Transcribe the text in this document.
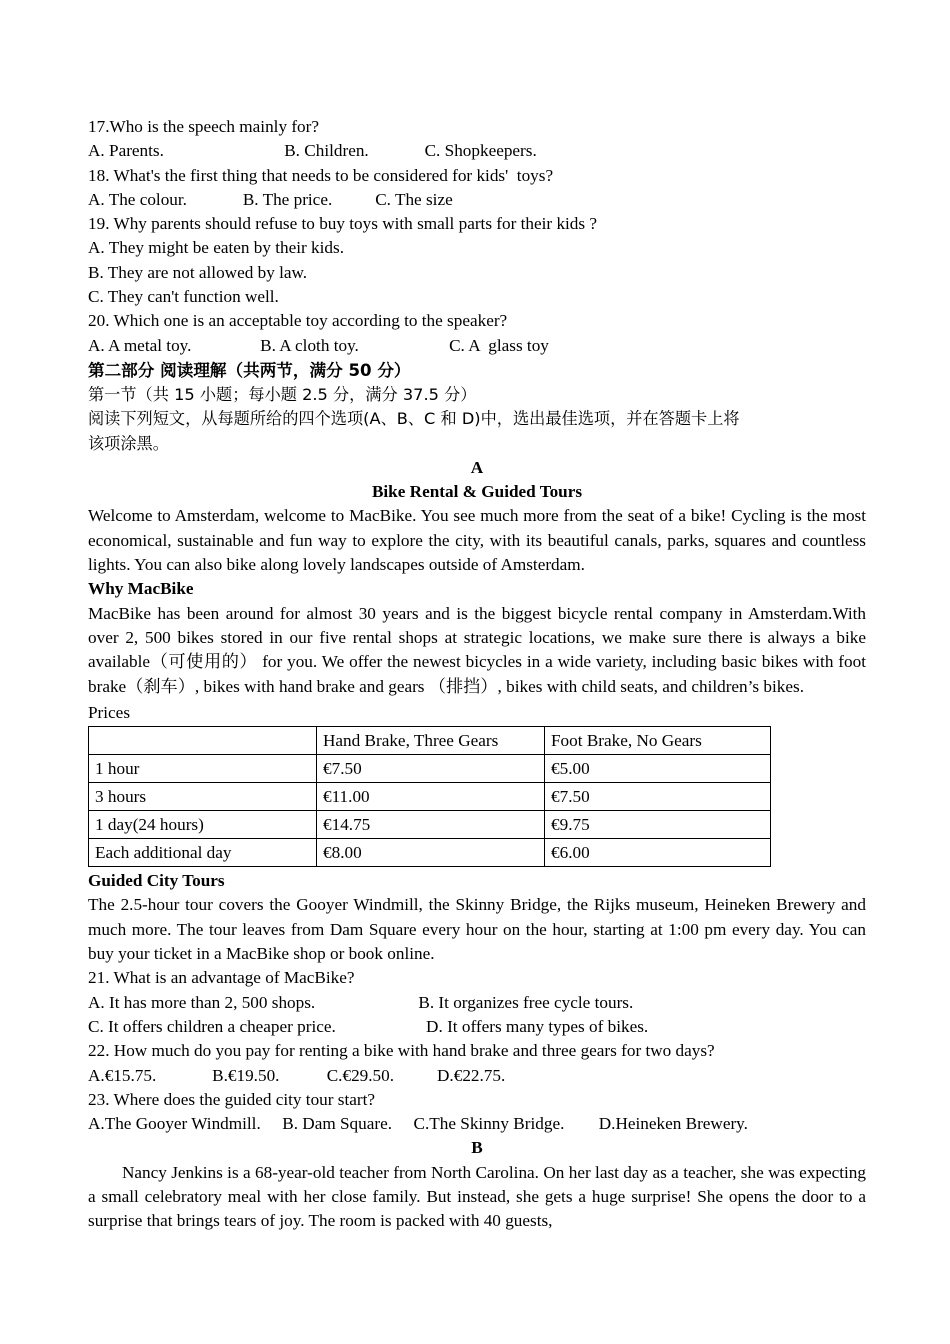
17.Who is the speech mainly for?
A. Parents.                            B. Children.             C. Shopkeepers.
18. What's the first thing that needs to be considered for kids'  toys?
A. The colour.             B. The price.          C. The size
19. Why parents should refuse to buy toys with small parts for their kids ?
A. They might be eaten by their kids.
B. They are not allowed by law.
C. They can't function well.
20. Which one is an acceptable toy according to the speaker?
A. A metal toy.                B. A cloth toy.                     C. A  glass toy
第二部分 阅读理解（共两节，满分 50 分）
第一节（共 15 小题；每小题 2.5 分，满分 37.5 分）
阅读下列短文，从每题所给的四个选项(A、B、C 和 D)中，选出最佳选项，并在答题卡上将
该项涂黑。
A
Bike Rental & Guided Tours

Welcome to Amsterdam, welcome to MacBike. You see much more from the seat of a bike! Cycling is the most economical, sustainable and fun way to explore the city, with its beautiful canals, parks, squares and countless lights. You can also bike along lovely landscapes outside of Amsterdam.

Why MacBike

MacBike has been around for almost 30 years and is the biggest bicycle rental company in Amsterdam.With over 2, 500 bikes stored in our five rental shops at strategic locations, we make sure there is always a bike available（可使用的） for you. We offer the newest bicycles in a wide variety, including basic bikes with foot brake（刹车）, bikes with hand brake and gears （排挡）, bikes with child seats, and children’s bikes.

Prices
	Hand Brake, Three Gears	Foot Brake, No Gears
1 hour	€7.50	€5.00
3 hours	€11.00	€7.50
1 day(24 hours)	€14.75	€9.75
Each additional day	€8.00	€6.00
Guided City Tours

The 2.5-hour tour covers the Gooyer Windmill, the Skinny Bridge, the Rijks museum, Heineken Brewery and much more. The tour leaves from Dam Square every hour on the hour, starting at 1:00 pm every day. You can buy your ticket in a MacBike shop or book online.

21. What is an advantage of MacBike?
A. It has more than 2, 500 shops.                        B. It organizes free cycle tours.
C. It offers children a cheaper price.                     D. It offers many types of bikes.
22. How much do you pay for renting a bike with hand brake and three gears for two days?
A.€15.75.             B.€19.50.           C.€29.50.          D.€22.75.
23. Where does the guided city tour start?
A.The Gooyer Windmill.     B. Dam Square.     C.The Skinny Bridge.        D.Heineken Brewery.
B

Nancy Jenkins is a 68-year-old teacher from North Carolina. On her last day as a teacher, she was expecting a small celebratory meal with her close family. But instead, she gets a huge surprise! She opens the door to a surprise that brings tears of joy. The room is packed with 40 guests,
